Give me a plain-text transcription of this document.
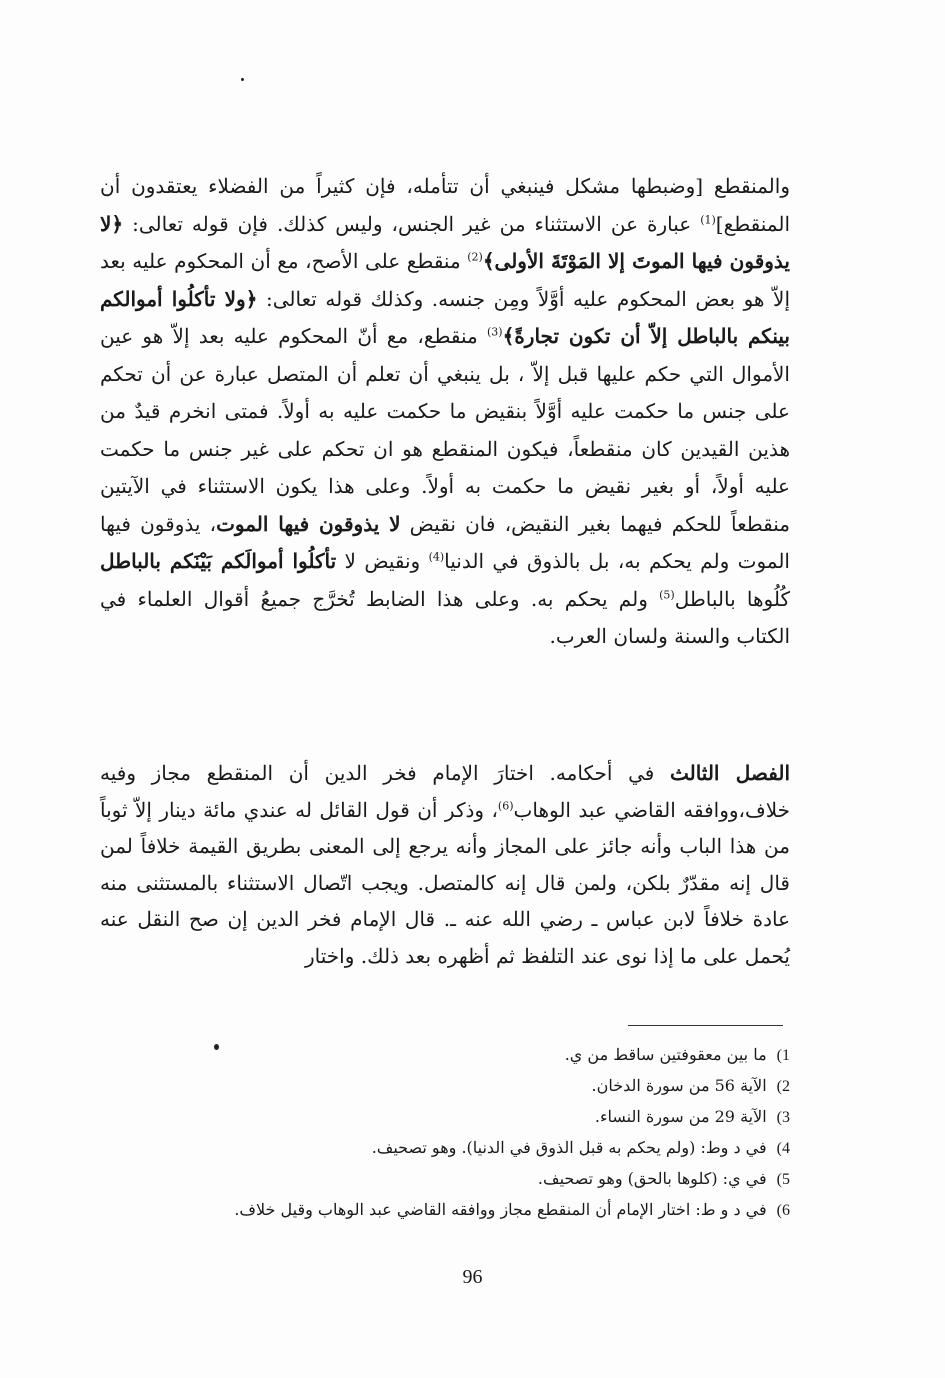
والمنقطع [وضبطها مشكل فينبغي أن تتأمله، فإن كثيراً من الفضلاء يعتقدون أن المنقطع]$^{(1)}$ عبارة عن الاستثناء من غير الجنس، وليس كذلك. فإن قوله تعالى: ﴿لا يذوقون فيها الموتَ إلا المَوْتَةَ الأولى﴾$^{(2)}$ منقطع على الأصح، مع أن المحكوم عليه بعد إلاّ هو بعض المحكوم عليه أوَّلاً ومِن جنسه. وكذلك قوله تعالى: ﴿ولا تأكلُوا أموالكم بينكم بالباطل إلاّ أن تكون تجارةً﴾$^{(3)}$ منقطع، مع أنّ المحكوم عليه بعد إلاّ هو عين الأموال التي حكم عليها قبل إلاّ ، بل ينبغي أن تعلم أن المتصل عبارة عن أن تحكم على جنس ما حكمت عليه أوَّلاً بنقيض ما حكمت عليه به أولاً. فمتى انخرم قيدٌ من هذين القيدين كان منقطعاً، فيكون المنقطع هو ان تحكم على غير جنس ما حكمت عليه أولاً، أو بغير نقيض ما حكمت به أولاً. وعلى هذا يكون الاستثناء في الآيتين منقطعاً للحكم فيهما بغير النقيض، فان نقيض لا يذوقون فيها الموت، يذوقون فيها الموت ولم يحكم به، بل بالذوق في الدنيا$^{(4)}$ ونقيض لا تأكلُوا أموالَكم بَيْنَكم بالباطل كُلُوها بالباطل$^{(5)}$ ولم يحكم به. وعلى هذا الضابط تُخرَّج جميعُ أقوال العلماء في الكتاب والسنة ولسان العرب.

الفصل الثالث في أحكامه. اختارَ الإمام فخر الدين أن المنقطع مجاز وفيه خلاف،ووافقه القاضي عبد الوهاب$^{(6)}$، وذكر أن قول القائل له عندي مائة دينار إلاّ ثوباً من هذا الباب وأنه جائز على المجاز وأنه يرجع إلى المعنى بطريق القيمة خلافاً لمن قال إنه مقدّرٌ بلكن، ولمن قال إنه كالمتصل. ويجب اتّصال الاستثناء بالمستثنى منه عادة خلافاً لابن عباس ـ رضي الله عنه ـ. قال الإمام فخر الدين إن صح النقل عنه يُحمل على ما إذا نوى عند التلفظ ثم أظهره بعد ذلك. واختار

1)ما بين معقوفتين ساقط من ي.
2)الآية 56 من سورة الدخان.
3)الآية 29 من سورة النساء.
4)في د وط: (ولم يحكم به قبل الذوق في الدنيا). وهو تصحيف.
5)في ي: (كلوها بالحق) وهو تصحيف.
6)في د و ط: اختار الإمام أن المنقطع مجاز ووافقه القاضي عبد الوهاب وقيل خلاف.
96
